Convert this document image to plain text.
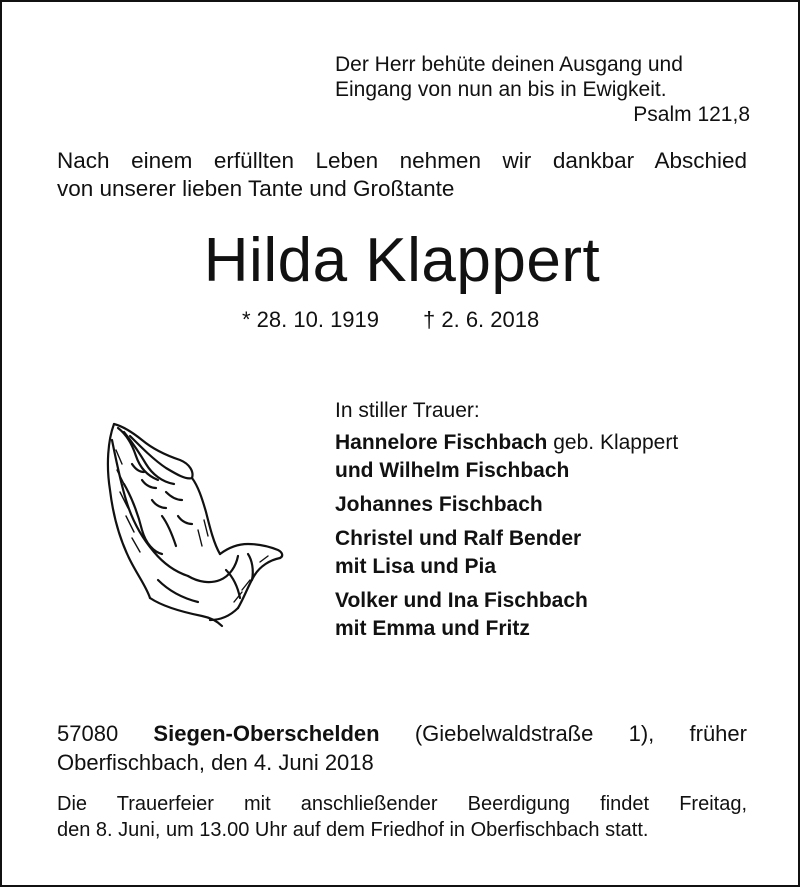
Der Herr behüte deinen Ausgang und
Eingang von nun an bis in Ewigkeit.
Psalm 121,8
Nach einem erfüllten Leben nehmen wir dankbar Abschied
von unserer lieben Tante und Großtante
Hilda Klappert
* 28. 10. 1919 † 2. 6. 2018
In stiller Trauer:
Hannelore Fischbach geb. Klappert
und Wilhelm Fischbach
Johannes Fischbach
Christel und Ralf Bender
mit Lisa und Pia
Volker und Ina Fischbach
mit Emma und Fritz
57080 Siegen-Oberschelden (Giebelwaldstraße 1), früher
Oberfischbach, den 4. Juni 2018
Die Trauerfeier mit anschließender Beerdigung findet Freitag,
den 8. Juni, um 13.00 Uhr auf dem Friedhof in Oberfischbach statt.
